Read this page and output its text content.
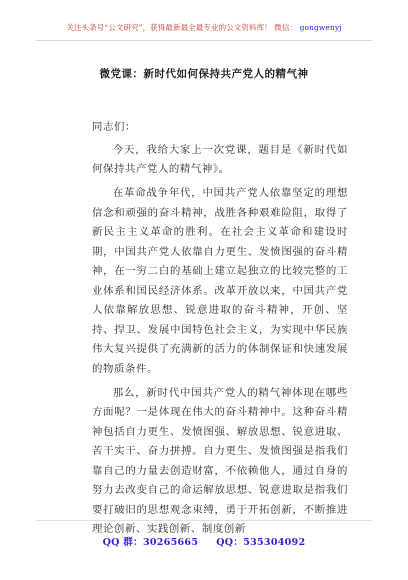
关注头条号“公文研究”，获得最新最全最专业的公文资料库！ 微信： gongwenyj
微党课：新时代如何保持共产党人的精气神

同志们：

今天，我给大家上一次党课，题目是《新时代如何保持共产党人的精气神》。

在革命战争年代，中国共产党人依靠坚定的理想信念和顽强的奋斗精神，战胜各种艰难险阻，取得了新民主主义革命的胜利。在社会主义革命和建设时期，中国共产党人依靠自力更生、发愤图强的奋斗精神，在一穷二白的基础上建立起独立的比较完整的工业体系和国民经济体系。改革开放以来，中国共产党人依靠解放思想、锐意进取的奋斗精神，开创、坚持、捍卫、发展中国特色社会主义，为实现中华民族伟大复兴提供了充满新的活力的体制保证和快速发展的物质条件。

那么，新时代中国共产党人的精气神体现在哪些方面呢？一是体现在伟大的奋斗精神中。这种奋斗精神包括自力更生、发愤图强、解放思想、锐意进取、苦干实干、奋力拼搏。自力更生、发愤图强是指我们靠自己的力量去创造财富，不依赖他人，通过自身的努力去改变自己的命运解放思想、锐意进取是指我们要打破旧的思想观念束缚，勇于开拓创新，不断推进理论创新、实践创新、制度创新

QQ 群：30265665 QQ：535304092
